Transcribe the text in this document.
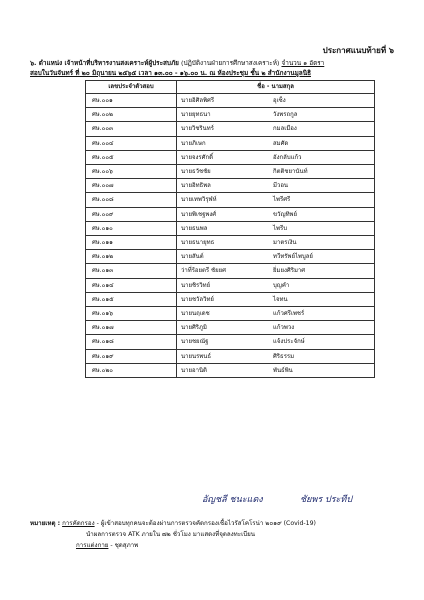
ประกาศแนบท้ายที่ ๖
๖. ตำแหน่ง เจ้าหน้าที่บริหารงานสงเคราะห์ผู้ประสบภัย (ปฏิบัติงานฝ่ายการศึกษาสงเคราะห์) จำนวน ๑ อัตรา
สอบในวันจันทร์ ที่ ๒๐ มิถุนายน ๒๕๖๕ เวลา ๑๓.๐๐ - ๑๖.๐๐ น. ณ ห้องประชุม ชั้น ๒ สำนักงานมูลนิธิ
เลขประจำตัวสอบ	ชื่อ - นามสกุล	
ศษ.๐๐๑	นายอิศิลพิศรี	อุเซ็ง
ศษ.๐๐๒	นายยุทธนา	วังพรถกูล
ศษ.๐๐๓	นายวิชรินทร์	กมลเมือง
ศษ.๐๐๔	นายภิเษก	สมศัด
ศษ.๐๐๕	นายจงรศักดิ์	อังกลับแก้ว
ศษ.๐๐๖	นายธวัชชัย	กิตติชยานันท์
ศษ.๐๐๗	นายอิทธิพล	มีวอน
ศษ.๐๐๘	นายเทพวิรุฬห์	ไพรีศรี
ศษ.๐๐๙	นายพิเชฐพงศ์	ขวัญทิพย์
ศษ.๐๑๐	นายธนพล	ไพรีบ
ศษ.๐๑๑	นายธนายุทธ	มาตรเงิน
ศษ.๐๑๒	นายสันต์	ทวีทรัพย์ไพบูลย์
ศษ.๐๑๓	ว่าที่ร้อยตรี ชัยยศ	ยิ่มยงศิริมาศ
ศษ.๐๑๔	นายชิรวิทย์	บุญคำ
ศษ.๐๑๕	นายชวัลวิทย์	ไจทน
ศษ.๐๑๖	นายนฤเดช	แก้วศรีเพชร์
ศษ.๐๑๗	นายศิริภูมิ	แก้วพวง
ศษ.๐๑๘	นายชยณัฐ	แจ้งประจักษ์
ศษ.๐๑๙	นายนรพนธ์	ศิริธรรม
ศษ.๐๒๐	นายอานิติ	พันธ์พิน
อัญชลี ชนะแดง	ชัยพร ประทีป
หมายเหตุ : การคัดกรอง - ผู้เข้าสอบทุกคนจะต้องผ่านการตรวจคัดกรองเชื้อไวรัสโคโรน่า ๒๐๑๙ (Covid-19)
นำผลการตรวจ ATK ภายใน ๗๒ ชั่วโมง มาแสดงที่จุดลงทะเบียน
การแต่งกาย - ชุดสุภาพ
